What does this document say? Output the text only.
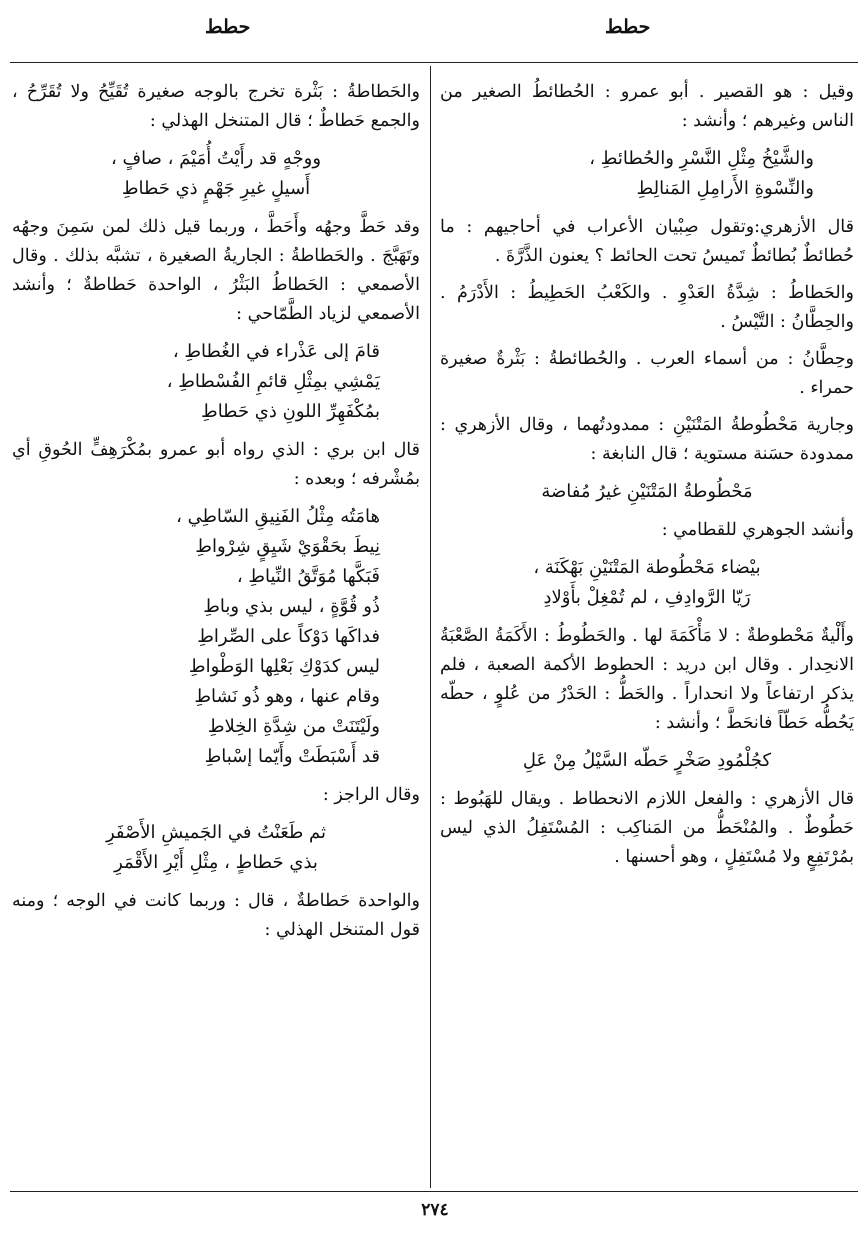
حطط	حطط

وقيل : هو القصير . أبو عمرو : الحُطائطُ الصغير من الناس وغيرهم ؛ وأنشد :

والشَّيْخُ مِثْلِ النَّسْرِ والحُطائطِ ،
والنِّسْوةِ الأَرامِلِ المَنالِطِ

قال الأزهري:وتقول صِبْيان الأعراب في أحاجيهم : ما حُطائطٌ بُطائطٌ تَميسُ تحت الحائط ؟ يعنون الذَّرَّةَ .

والحَطاطُ : شِدَّةُ العَدْوِ . والكَعْبُ الحَطِيطُ : الأَدْرَمُ . والحِطَّانُ : التَّيْسُ .

وحِطَّانُ : من أسماء العرب . والحُطائطةُ : بَثْرةٌ صغيرة حمراء .

وجارية مَحْطُوطةُ المَتْنَيْنِ : ممدودتُهما ، وقال الأزهري : ممدودة حسَنة مستوية ؛ قال النابغة :

مَحْطُوطةُ المَتْنَيْنِ غيرُ مُفاضة

وأنشد الجوهري للقطامي :

بيْضاء مَحْطُوطة المَتْنَيْنِ بَهْكَنَة ،
رَيّا الرَّوادِفِ ، لم تُمْغِلْ بأَوْلادِ

وأَلْيةٌ مَحْطوطةٌ : لا مَأْكَمَةَ لها . والحَطُوطُ : الأَكَمَةُ الصَّعْبَةُ الانحِدار . وقال ابن دريد : الحطوط الأكمة الصعبة ، فلم يذكر ارتفاعاً ولا انحداراً . والحَطُّ : الحَدْرُ من عُلوٍ ، حطّه يَحُطُّه حَطّاً فانحَطَّ ؛ وأنشد :

كجُلْمُودِ صَخْرٍ حَطّه السَّيْلُ مِنْ عَلِ

قال الأزهري : والفعل اللازم الانحطاط . ويقال للهَبُوط : حَطُوطٌ . والمُنْحَطُّ من المَناكِب : المُسْتَفِلُ الذي ليس بمُرْتَفِعٍ ولا مُسْتَفِلٍ ، وهو أحسنها .

والحَطاطةُ : بَثْرة تخرج بالوجه صغيرة تُقَيِّحُ ولا تُقَرِّحُ ، والجمع حَطاطٌ ؛ قال المتنخل الهذلي :

ووجْهٍ قد رأَيْتُ أُمَيْمَ ، صافٍ ،
أَسيلٍ غيرِ جَهْمٍ ذي حَطاطِ

وقد حَطَّ وجهُه وأَحَطَّ ، وربما قيل ذلك لمن سَمِنَ وجهُه وتَهَبَّجَ . والحَطاطةُ : الجاريةُ الصغيرة ، تشبَّه بذلك . وقال الأصمعي : الحَطاطُ البَثْرُ ، الواحدة حَطاطةٌ ؛ وأنشد الأصمعي لزياد الطَّمّاحي :

قامَ إلى عَذْراء في الغُطاطِ ،
يَمْشِي بمِثْلِ قائمِ الفُسْطاطِ ،
بمُكْفَهِرِّ اللونِ ذي حَطاطِ

قال ابن بري : الذي رواه أبو عمرو بمُكْرَهِفٍّ الحُوقِ أي بمُشْرفه ؛ وبعده :

هامَتُه مِثْلُ الفَنِيقِ السّاطِي ،
نِيطَ بحَقْوَيْ شَيِقٍ شِرْواطِ
فَبَكَّها مُوَتَّقُ النِّياطِ ،
ذُو قُوَّةٍ ، ليس بذي وباطِ
فداكَها دَوْكاً على الصِّراطِ
ليس كدَوْكِ بَعْلِها الوَطْواطِ
وقام عنها ، وهو ذُو نَشاطِ
ولَيْتَنَتْ من شِدَّةِ الخِلاطِ
قد أَسْبَطَتْ وأَيّما إسْباطِ

وقال الراجز :

ثم طَعَنْتُ في الجَميشِ الأَصْفَرِ
بذي حَطاطٍ ، مِثْلِ أَيْرِ الأَقْمَرِ

والواحدة حَطاطةٌ ، قال : وربما كانت في الوجه ؛ ومنه قول المتنخل الهذلي :

٢٧٤
